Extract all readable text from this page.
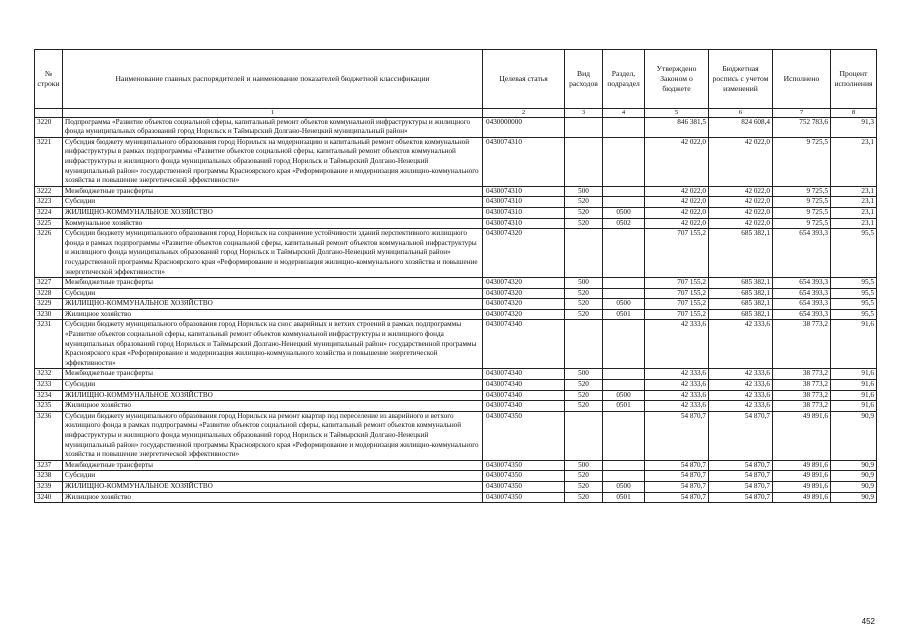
№ строки	Наименование главных распорядителей и наименование показателей бюджетной классификации	Целевая статья	Вид расходов	Раздел, подраздел	Утверждено Законом о бюджете	Бюджетная роспись с учетом изменений	Исполнено	Процент исполнения
	1	2	3	4	5	6	7	8
3220	Подпрограмма «Развитие объектов социальной сферы, капитальный ремонт объектов коммунальной инфраструктуры и жилищного фонда муниципальных образований город Норильск и Таймырский Долгано-Ненецкий муниципальный район»	0430000000			846 381,5	824 608,4	752 783,6	91,3
3221	Субсидия бюджету муниципального образования город Норильск на модернизацию и капитальный ремонт объектов коммунальной инфраструктуры в рамках подпрограммы «Развитие объектов социальной сферы, капитальный ремонт объектов коммунальной инфраструктуры и жилищного фонда муниципальных образований город Норильск и Таймырский Долгано-Ненецкий муниципальный район» государственной программы Красноярского края «Реформирование и модернизация жилищно-коммунального хозяйства и повышение энергетической эффективности»	0430074310			42 022,0	42 022,0	9 725,5	23,1
3222	Межбюджетные трансферты	0430074310	500		42 022,0	42 022,0	9 725,5	23,1
3223	Субсидии	0430074310	520		42 022,0	42 022,0	9 725,5	23,1
3224	ЖИЛИЩНО-КОММУНАЛЬНОЕ ХОЗЯЙСТВО	0430074310	520	0500	42 022,0	42 022,0	9 725,5	23,1
3225	Коммунальное хозяйство	0430074310	520	0502	42 022,0	42 022,0	9 725,5	23,1
3226	Субсидии бюджету муниципального образования город Норильск на сохранение устойчивости зданий перспективного жилищного фонда в рамках подпрограммы «Развитие объектов социальной сферы, капитальный ремонт объектов коммунальной инфраструктуры и жилищного фонда муниципальных образований город Норильск и Таймырский Долгано-Ненецкий муниципальный район» государственной программы Красноярского края «Реформирование и модернизация жилищно-коммунального хозяйства и повышение энергетической эффективности»	0430074320			707 155,2	685 382,1	654 393,3	95,5
3227	Межбюджетные трансферты	0430074320	500		707 155,2	685 382,1	654 393,3	95,5
3228	Субсидии	0430074320	520		707 155,2	685 382,1	654 393,3	95,5
3229	ЖИЛИЩНО-КОММУНАЛЬНОЕ ХОЗЯЙСТВО	0430074320	520	0500	707 155,2	685 382,1	654 393,3	95,5
3230	Жилищное хозяйство	0430074320	520	0501	707 155,2	685 382,1	654 393,3	95,5
3231	Субсидии бюджету муниципального образования город Норильск на снос аварийных и ветхих строений в рамках подпрограммы «Развитие объектов социальной сферы, капитальный ремонт объектов коммунальной инфраструктуры и жилищного фонда муниципальных образований город Норильск и Таймырский Долгано-Ненецкий муниципальный район» государственной программы Красноярского края «Реформирование и модернизация жилищно-коммунального хозяйства и повышение энергетической эффективности»	0430074340			42 333,6	42 333,6	38 773,2	91,6
3232	Межбюджетные трансферты	0430074340	500		42 333,6	42 333,6	38 773,2	91,6
3233	Субсидии	0430074340	520		42 333,6	42 333,6	38 773,2	91,6
3234	ЖИЛИЩНО-КОММУНАЛЬНОЕ ХОЗЯЙСТВО	0430074340	520	0500	42 333,6	42 333,6	38 773,2	91,6
3235	Жилищное хозяйство	0430074340	520	0501	42 333,6	42 333,6	38 773,2	91,6
3236	Субсидии бюджету муниципального образования город Норильск на ремонт квартир под переселение из аварийного и ветхого жилищного фонда в рамках подпрограммы «Развитие объектов социальной сферы, капитальный ремонт объектов коммунальной инфраструктуры и жилищного фонда муниципальных образований город Норильск и Таймырский Долгано-Ненецкий муниципальный район» государственной программы Красноярского края «Реформирование и модернизация жилищно-коммунального хозяйства и повышение энергетической эффективности»	0430074350			54 870,7	54 870,7	49 891,6	90,9
3237	Межбюджетные трансферты	0430074350	500		54 870,7	54 870,7	49 891,6	90,9
3238	Субсидии	0430074350	520		54 870,7	54 870,7	49 891,6	90,9
3239	ЖИЛИЩНО-КОММУНАЛЬНОЕ ХОЗЯЙСТВО	0430074350	520	0500	54 870,7	54 870,7	49 891,6	90,9
3240	Жилищное хозяйство	0430074350	520	0501	54 870,7	54 870,7	49 891,6	90,9
452
